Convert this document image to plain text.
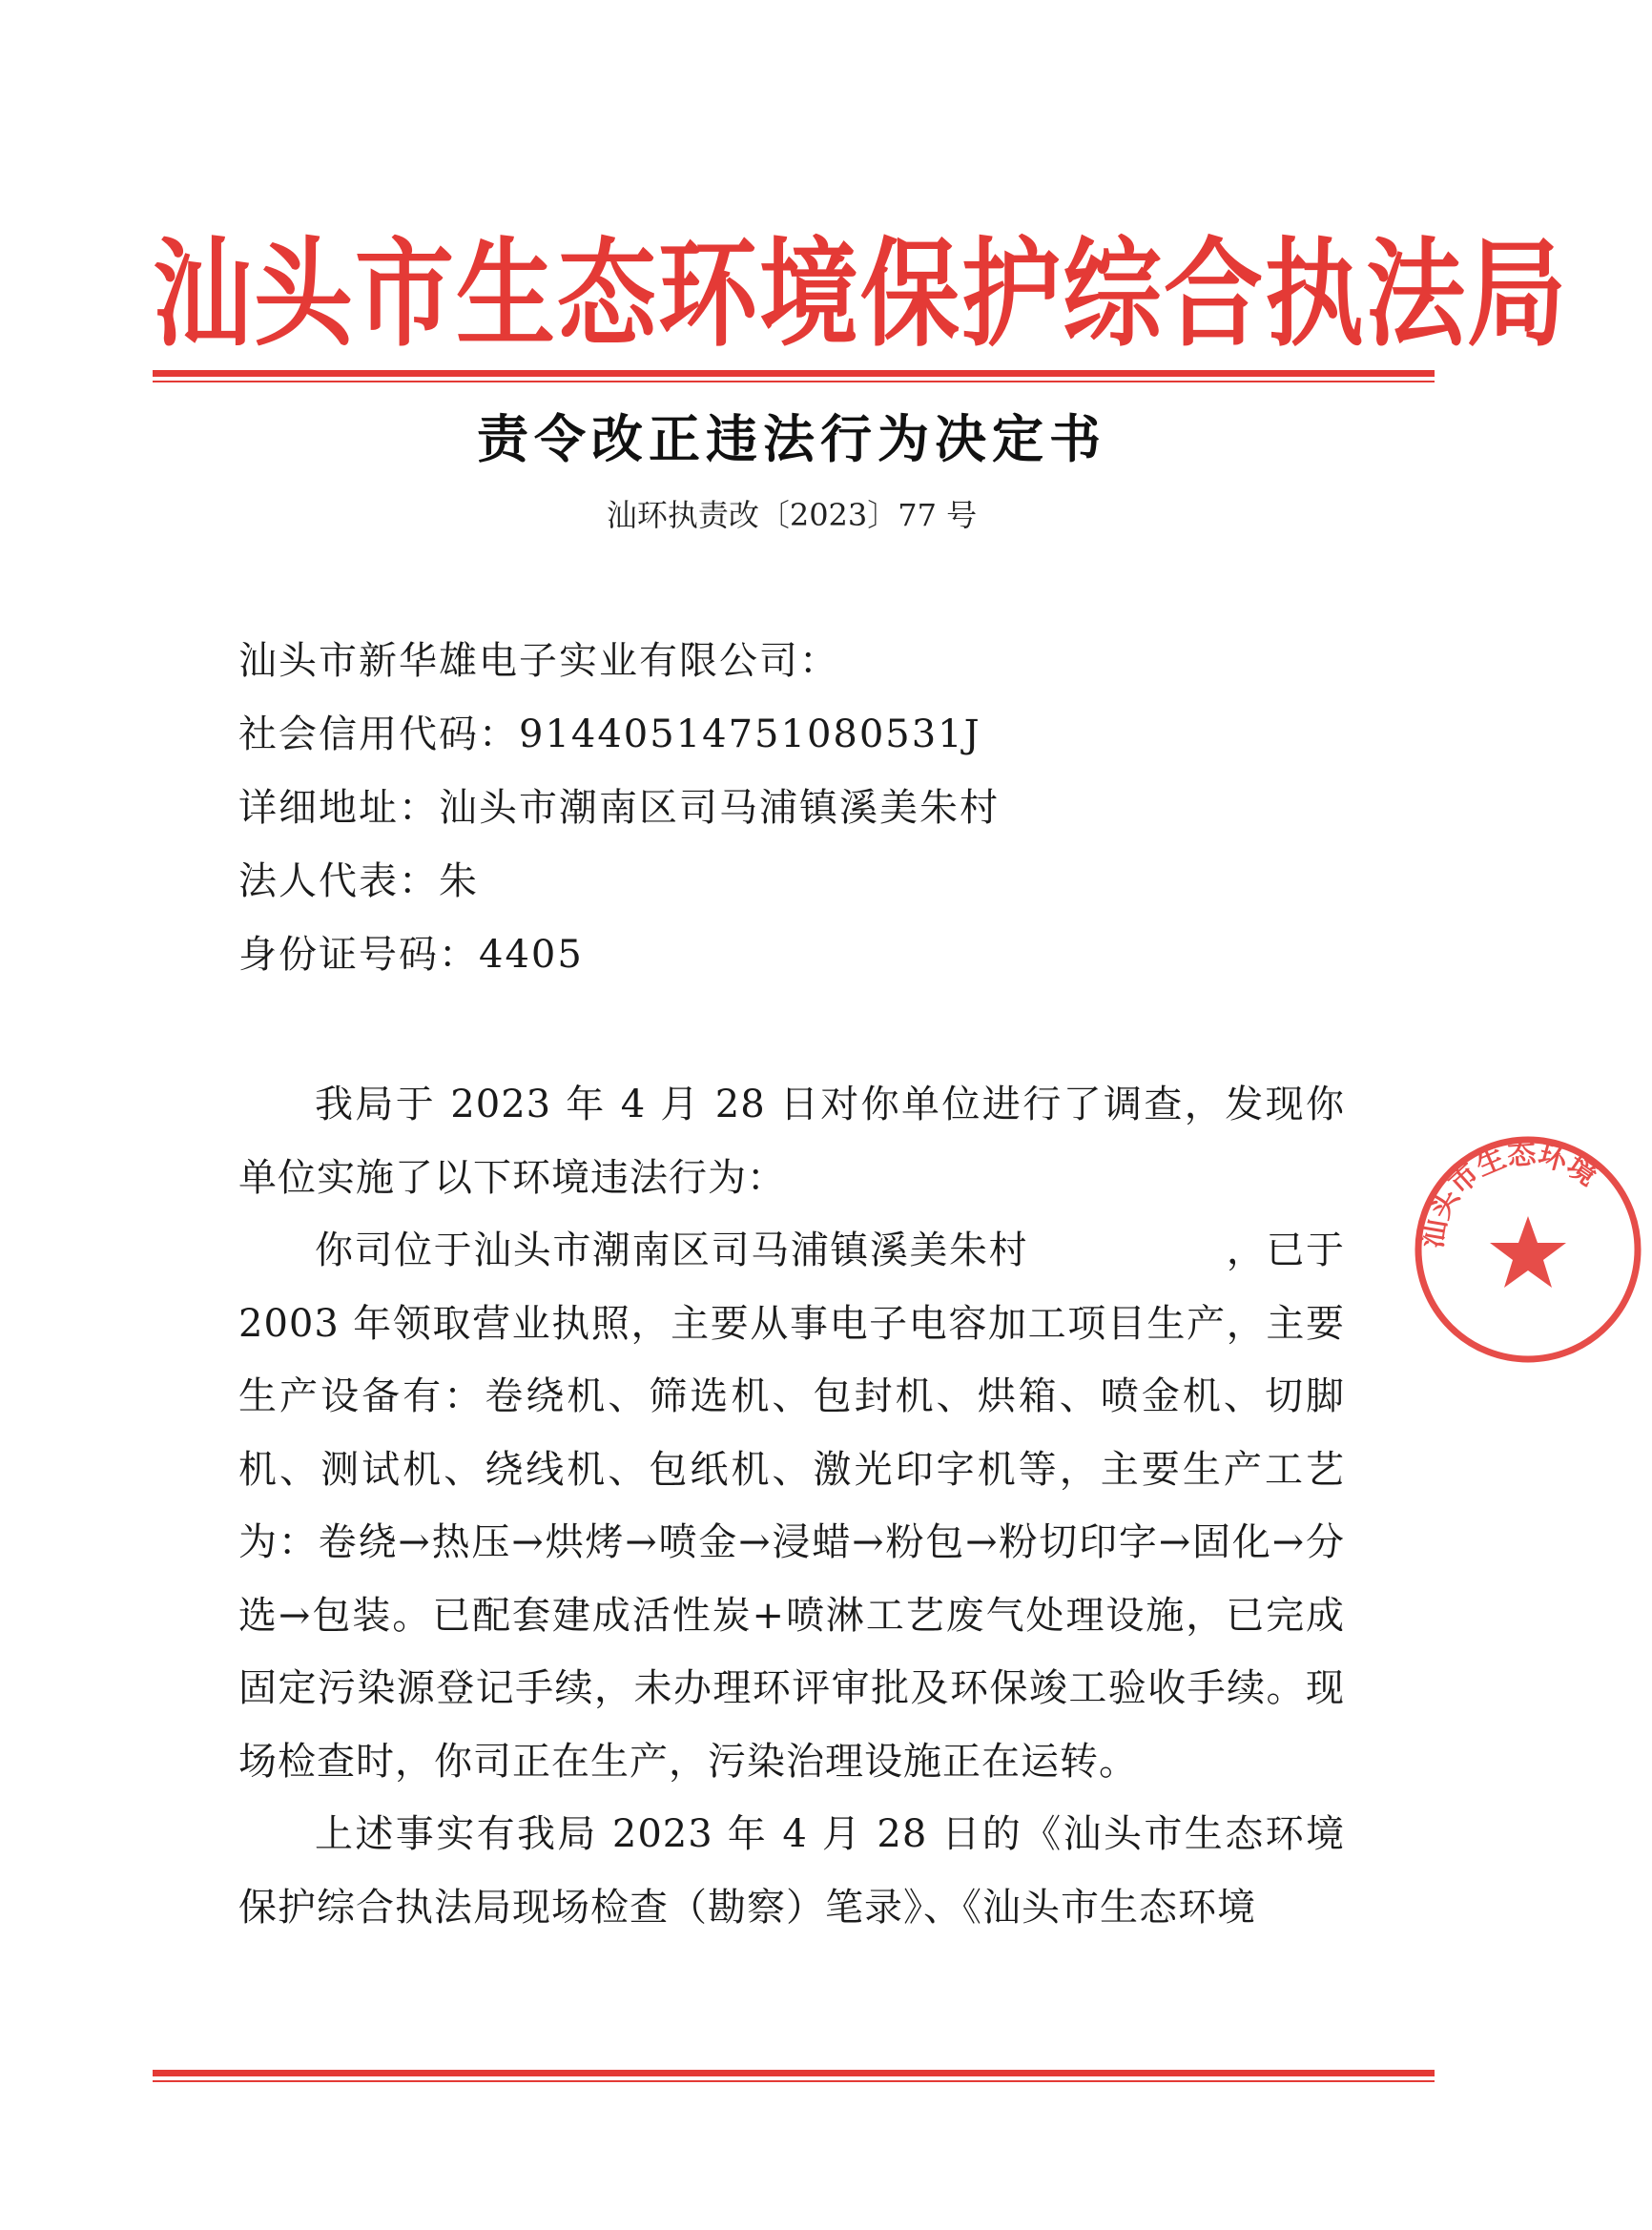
汕头市生态环境保护综合执法局
责令改正违法行为决定书
汕环执责改〔2023〕77 号
汕头市新华雄电子实业有限公司：
社会信用代码：91440514751080531J
详细地址：汕头市潮南区司马浦镇溪美朱村
法人代表：朱
身份证号码：4405

我局于 2023 年 4 月 28 日对你单位进行了调查，发现你单位实施了以下环境违法行为：

你司位于汕头市潮南区司马浦镇溪美朱村　　　　　，已于 2003 年领取营业执照，主要从事电子电容加工项目生产，主要生产设备有：卷绕机、筛选机、包封机、烘箱、喷金机、切脚机、测试机、绕线机、包纸机、激光印字机等，主要生产工艺为：卷绕→热压→烘烤→喷金→浸蜡→粉包→粉切印字→固化→分选→包装。已配套建成活性炭+喷淋工艺废气处理设施，已完成固定污染源登记手续，未办理环评审批及环保竣工验收手续。现场检查时，你司正在生产，污染治理设施正在运转。

上述事实有我局 2023 年 4 月 28 日的《汕头市生态环境保护综合执法局现场检查（勘察）笔录》、《汕头市生态环境

汕头市生态环境
